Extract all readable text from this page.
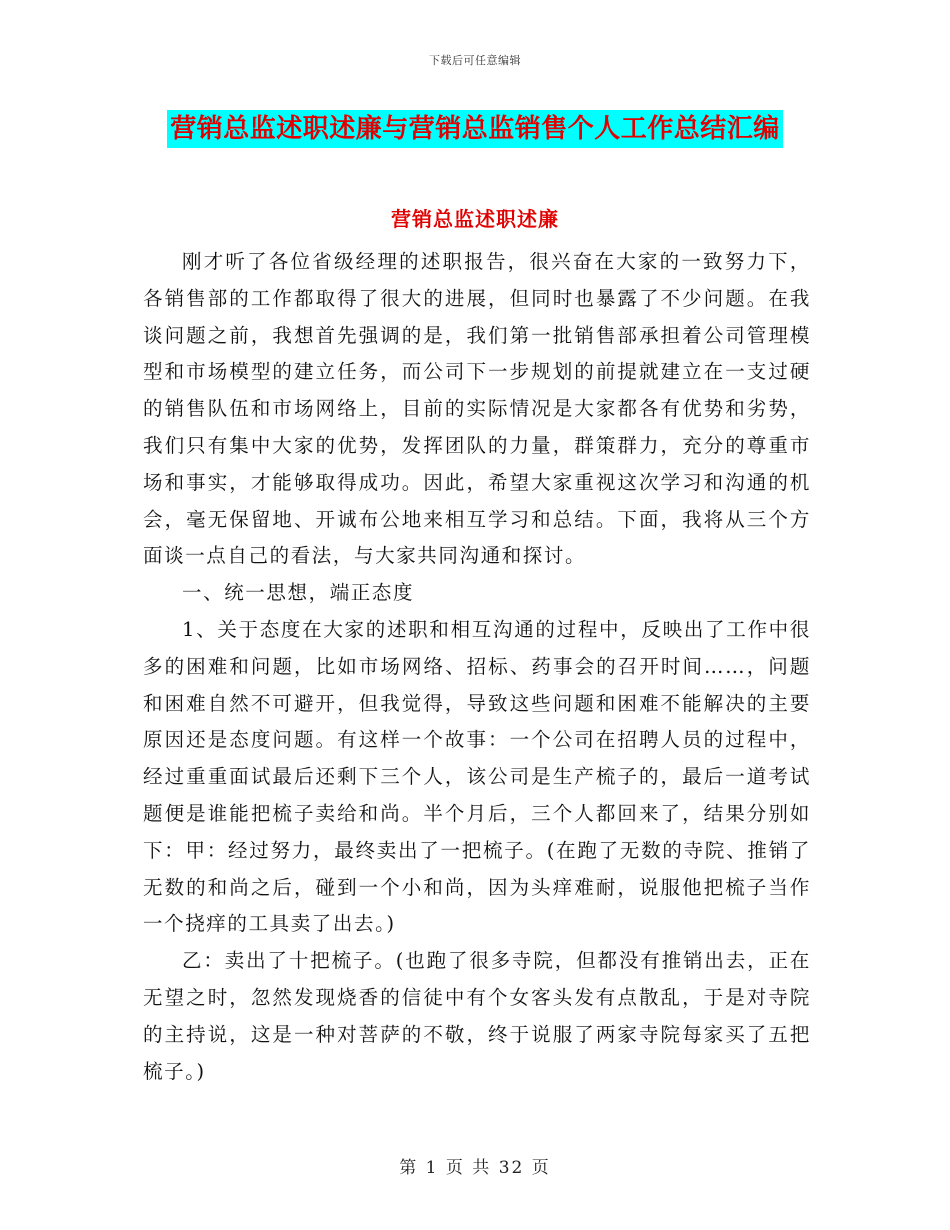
下载后可任意编辑
营销总监述职述廉与营销总监销售个人工作总结汇编
营销总监述职述廉

刚才听了各位省级经理的述职报告，很兴奋在大家的一致努力下，各销售部的工作都取得了很大的进展，但同时也暴露了不少问题。在我谈问题之前，我想首先强调的是，我们第一批销售部承担着公司管理模型和市场模型的建立任务，而公司下一步规划的前提就建立在一支过硬的销售队伍和市场网络上，目前的实际情况是大家都各有优势和劣势，我们只有集中大家的优势，发挥团队的力量，群策群力，充分的尊重市场和事实，才能够取得成功。因此，希望大家重视这次学习和沟通的机会，毫无保留地、开诚布公地来相互学习和总结。下面，我将从三个方面谈一点自己的看法，与大家共同沟通和探讨。

一、统一思想，端正态度

1、关于态度在大家的述职和相互沟通的过程中，反映出了工作中很多的困难和问题，比如市场网络、招标、药事会的召开时间……，问题和困难自然不可避开，但我觉得，导致这些问题和困难不能解决的主要原因还是态度问题。有这样一个故事：一个公司在招聘人员的过程中，经过重重面试最后还剩下三个人，该公司是生产梳子的，最后一道考试题便是谁能把梳子卖给和尚。半个月后，三个人都回来了，结果分别如下：甲：经过努力，最终卖出了一把梳子。(在跑了无数的寺院、推销了无数的和尚之后，碰到一个小和尚，因为头痒难耐，说服他把梳子当作一个挠痒的工具卖了出去。)

乙：卖出了十把梳子。(也跑了很多寺院，但都没有推销出去，正在无望之时，忽然发现烧香的信徒中有个女客头发有点散乱，于是对寺院的主持说，这是一种对菩萨的不敬，终于说服了两家寺院每家买了五把梳子。)

第 1 页 共 32 页
